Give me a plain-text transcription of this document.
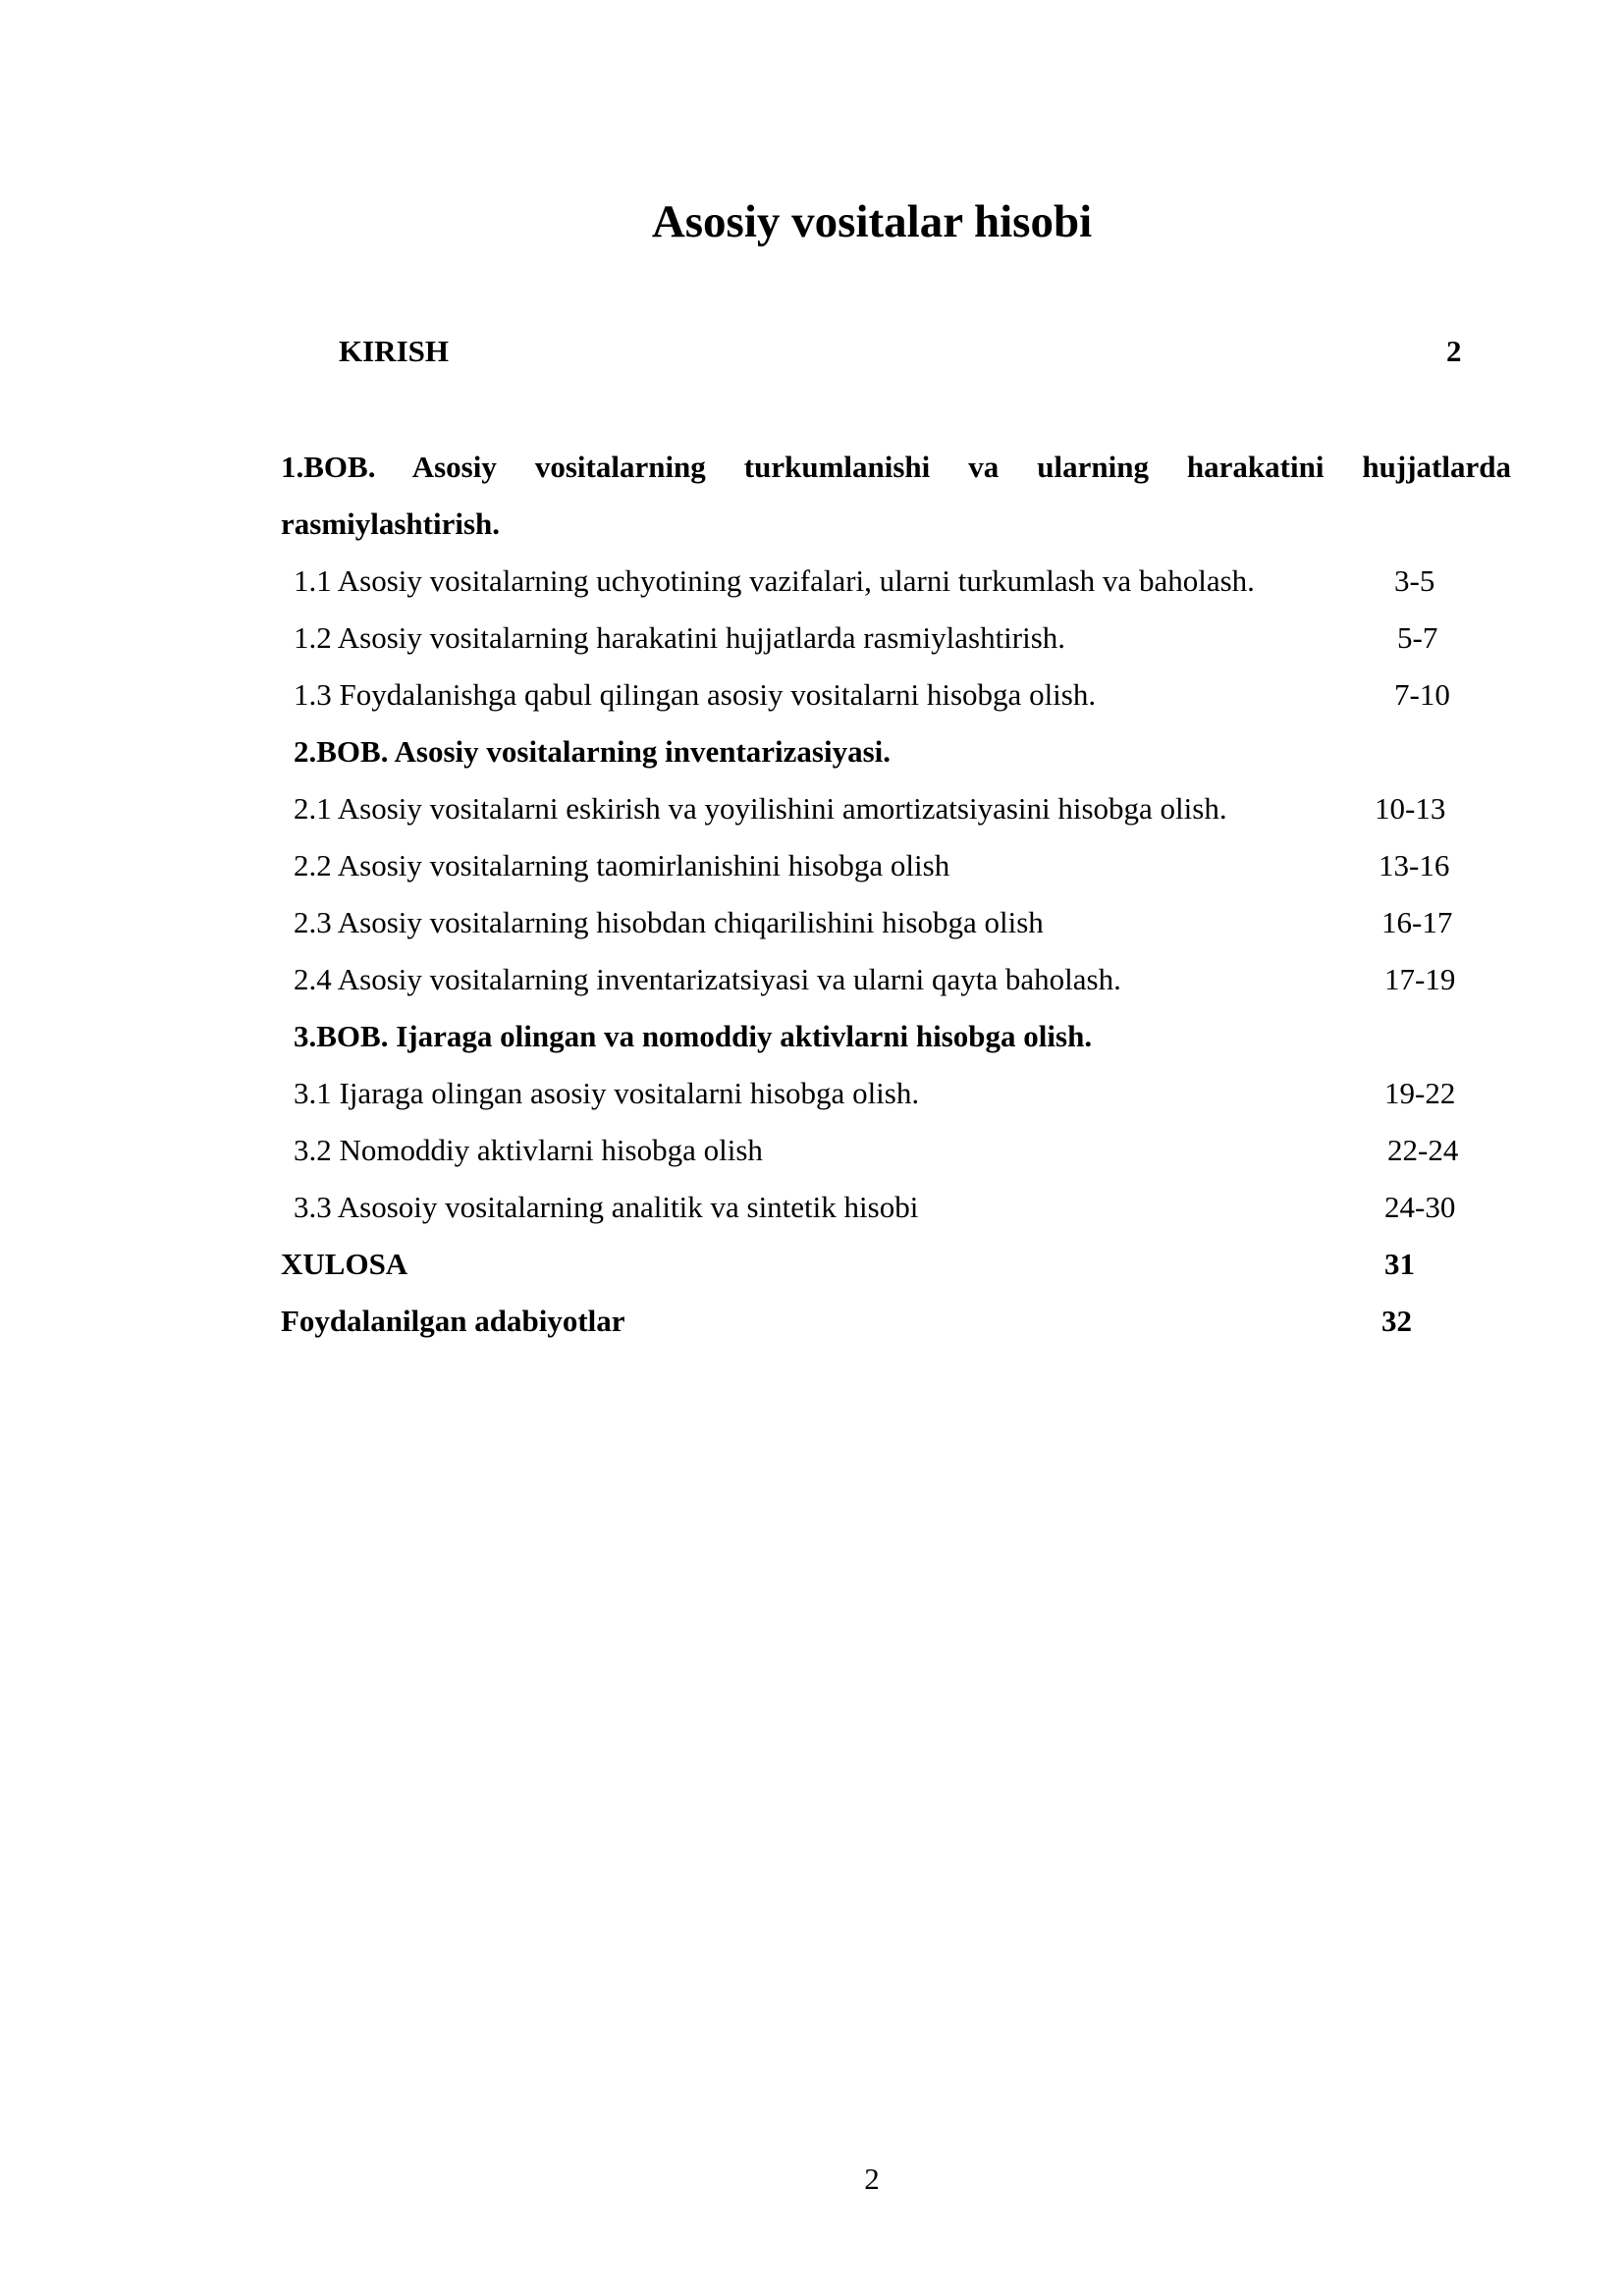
Asosiy vositalar hisobi
KIRISH	2
1.BOB. Asosiy vositalarning turkumlanishi va ularning harakatini hujjatlarda
rasmiylashtirish.
1.1 Asosiy vositalarning uchyotining vazifalari, ularni turkumlash va baholash.	3-5
1.2 Asosiy vositalarning harakatini hujjatlarda rasmiylashtirish.	5-7
1.3 Foydalanishga qabul qilingan asosiy vositalarni hisobga olish.	7-10
2.BOB. Asosiy vositalarning inventarizasiyasi.
2.1 Asosiy vositalarni eskirish va yoyilishini amortizatsiyasini hisobga olish.	10-13
2.2 Asosiy vositalarning taomirlanishini hisobga olish	13-16
2.3 Asosiy vositalarning hisobdan chiqarilishini hisobga olish	16-17
2.4 Asosiy vositalarning inventarizatsiyasi va ularni qayta baholash.	17-19
3.BOB. Ijaraga olingan va nomoddiy aktivlarni hisobga olish.
3.1 Ijaraga olingan asosiy vositalarni hisobga olish.	19-22
3.2 Nomoddiy aktivlarni hisobga olish	22-24
3.3 Asosoiy vositalarning analitik va sintetik hisobi	24-30
XULOSA	31
Foydalanilgan adabiyotlar	32
2
